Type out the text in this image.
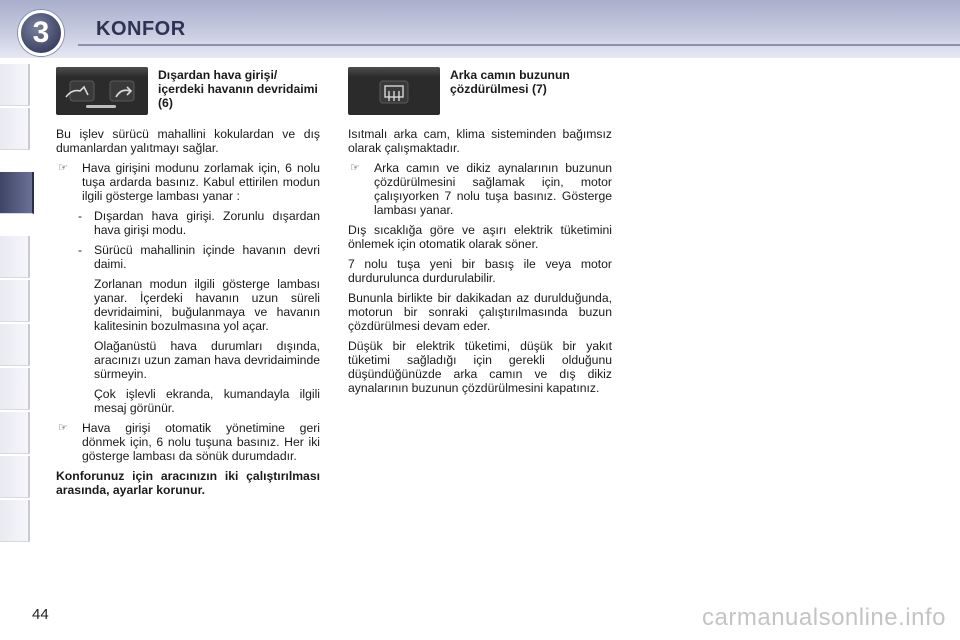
3	KONFOR
Dışardan hava girişi/ içerdeki havanın devridaimi (6)

Bu işlev sürücü mahallini kokulardan ve dış dumanlardan yalıtmayı sağlar.

☞	Hava girişini modunu zorlamak için, 6 nolu tuşa ardarda basınız. Kabul ettirilen modun ilgili gösterge lambası yanar :
- Dışardan hava girişi. Zorunlu dışardan hava girişi modu.
- Sürücü mahallinin içinde havanın devri daimi.

Zorlanan modun ilgili gösterge lambası yanar. İçerdeki havanın uzun süreli devridaimini, buğulanmaya ve havanın kalitesinin bozulmasına yol açar.

Olağanüstü hava durumları dışında, aracınızı uzun zaman hava devridaiminde sürmeyin.

Çok işlevli ekranda, kumandayla ilgili mesaj görünür.

☞	Hava girişi otomatik yönetimine geri dönmek için, 6 nolu tuşuna basınız. Her iki gösterge lambası da sönük durumdadır.

Konforunuz için aracınızın iki çalıştırılması arasında, ayarlar korunur.

Arka camın buzunun çözdürülmesi (7)

Isıtmalı arka cam, klima sisteminden bağımsız olarak çalışmaktadır.

☞	Arka camın ve dikiz aynalarının buzunun çözdürülmesini sağlamak için, motor çalışıyorken 7 nolu tuşa basınız. Gösterge lambası yanar.

Dış sıcaklığa göre ve aşırı elektrik tüketimini önlemek için otomatik olarak söner.

7 nolu tuşa yeni bir basış ile veya motor durdurulunca durdurulabilir.

Bununla birlikte bir dakikadan az durulduğunda, motorun bir sonraki çalıştırılmasında buzun çözdürülmesi devam eder.

Düşük bir elektrik tüketimi, düşük bir yakıt tüketimi sağladığı için gerekli olduğunu düşündüğünüzde arka camın ve dış dikiz aynalarının buzunun çözdürülmesini kapatınız.

44	carmanualsonline.info
